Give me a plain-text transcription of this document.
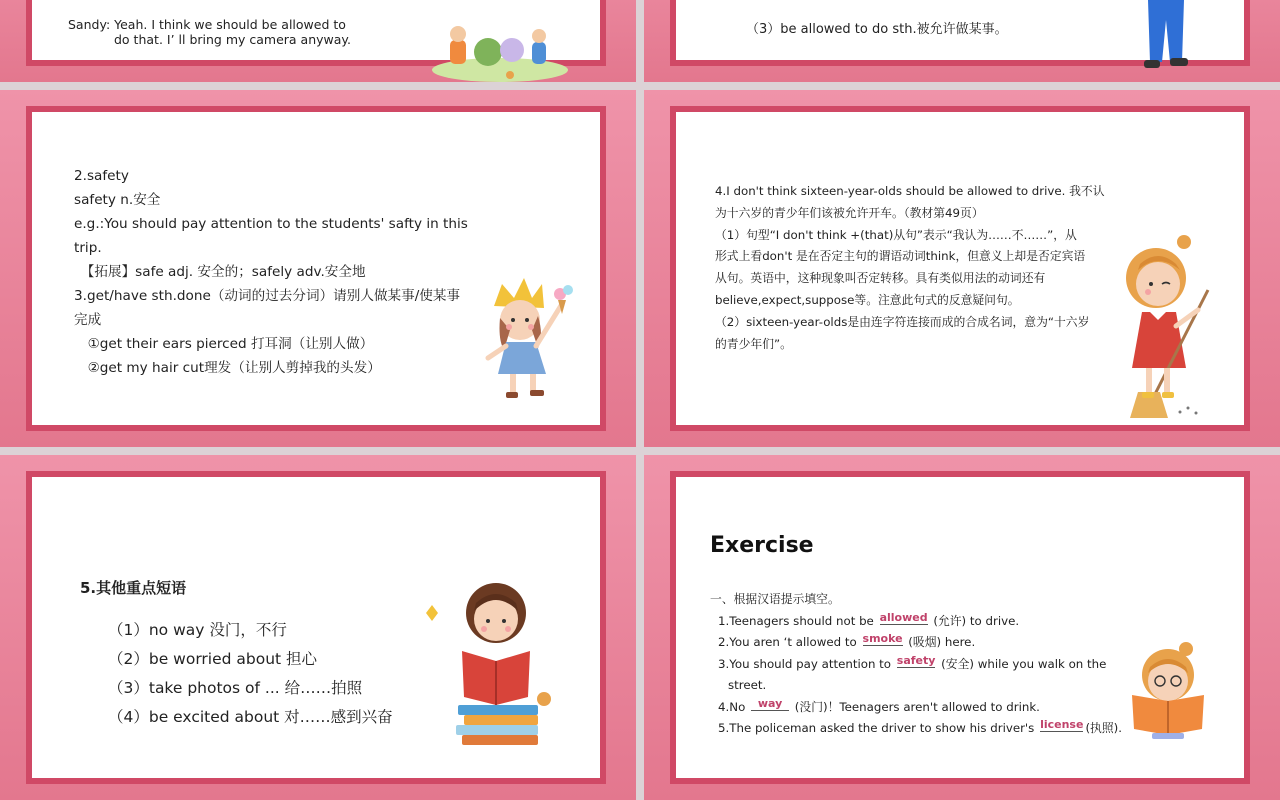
Sandy: Yeah. I think we should be allowed to
do that. I’ ll bring my camera anyway.
（3）be allowed to do sth.被允许做某事。
2.safety
safety n.安全
e.g.:You should pay attention to the students' safty in this
trip.
　【拓展】safe adj. 安全的；safely adv.安全地
3.get/have sth.done（动词的过去分词）请别人做某事/使某事
完成
　①get their ears pierced 打耳洞（让别人做）
　②get my hair cut理发（让别人剪掉我的头发）
4.I don't think sixteen-year-olds should be allowed to drive. 我不认
为十六岁的青少年们该被允许开车。（教材第49页）
（1）句型“I don't think +(that)从句”表示“我认为……不……”，从
形式上看don't 是在否定主句的谓语动词think，但意义上却是否定宾语
从句。英语中，这种现象叫否定转移。具有类似用法的动词还有
believe,expect,suppose等。注意此句式的反意疑问句。
（2）sixteen-year-olds是由连字符连接而成的合成名词，意为“十六岁
的青少年们”。
5.其他重点短语
（1）no way 没门，不行
（2）be worried about 担心
（3）take photos of ... 给……拍照
（4）be excited about 对……感到兴奋
Exercise
一、根据汉语提示填空。
1.Teenagers should not be allowed (允许) to drive.
2.You aren ‘t allowed to smoke (吸烟) here.
3.You should pay attention to safety (安全) while you walk on the
street.
4.No way (没门)！Teenagers aren't allowed to drink.
5.The policeman asked the driver to show his driver's license (执照).
